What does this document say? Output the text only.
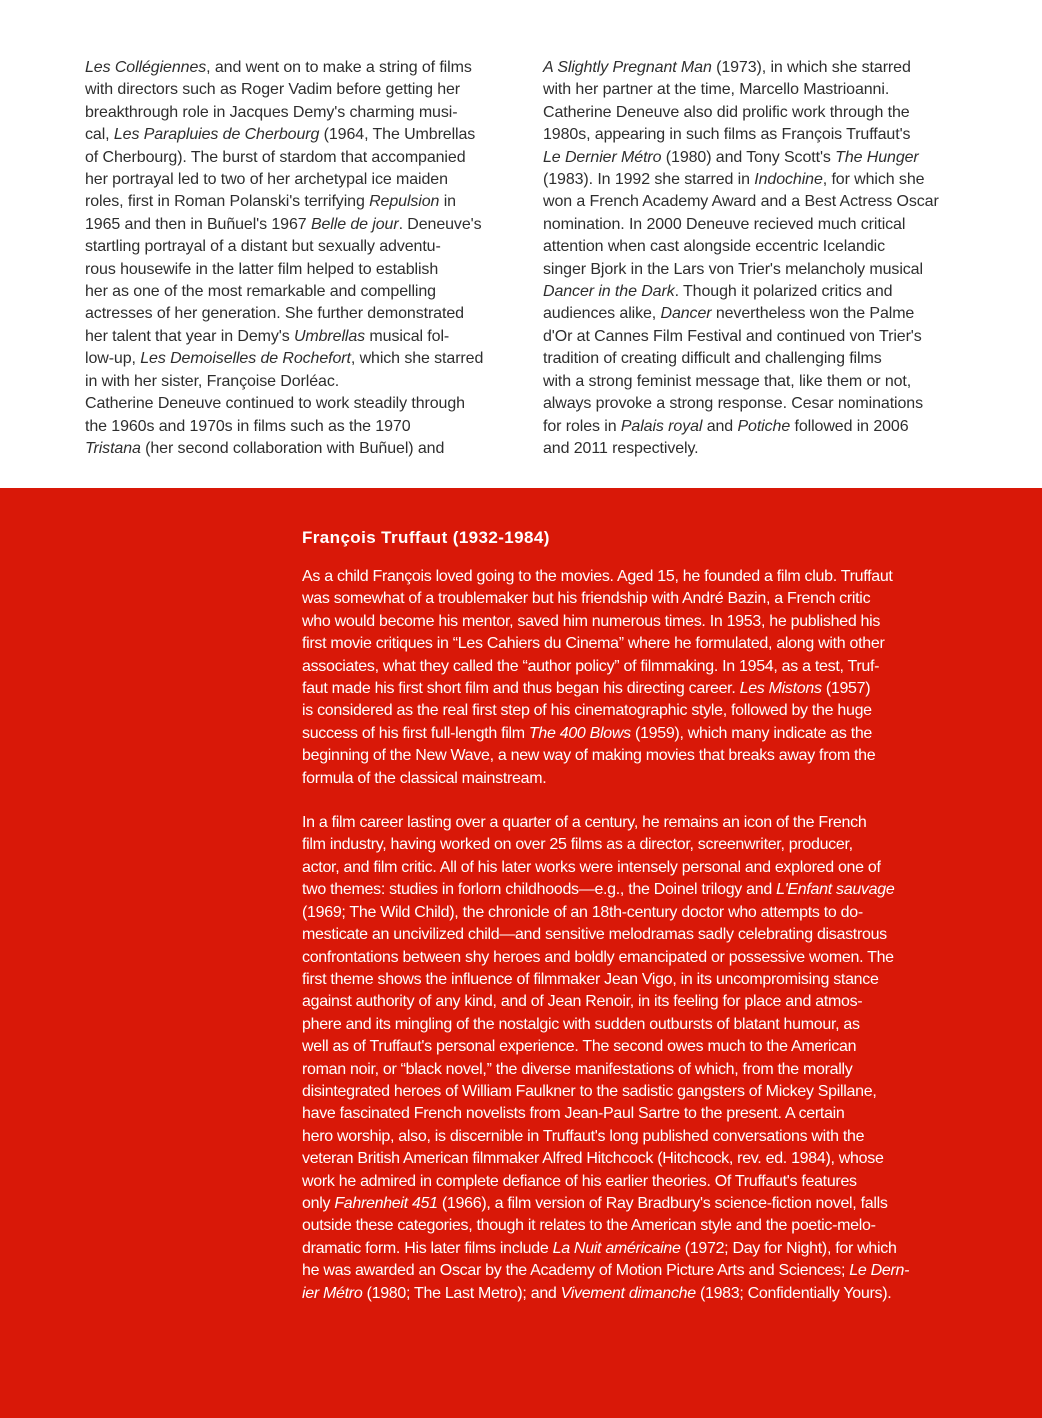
Les Collégiennes, and went on to make a string of films
with directors such as Roger Vadim before getting her
breakthrough role in Jacques Demy's charming musi-
cal, Les Parapluies de Cherbourg (1964, The Umbrellas
of Cherbourg). The burst of stardom that accompanied
her portrayal led to two of her archetypal ice maiden
roles, first in Roman Polanski's terrifying Repulsion in
1965 and then in Buñuel's 1967 Belle de jour. Deneuve's
startling portrayal of a distant but sexually adventu-
rous housewife in the latter film helped to establish
her as one of the most remarkable and compelling
actresses of her generation. She further demonstrated
her talent that year in Demy's Umbrellas musical fol-
low-up, Les Demoiselles de Rochefort, which she starred
in with her sister, Françoise Dorléac.
Catherine Deneuve continued to work steadily through
the 1960s and 1970s in films such as the 1970
Tristana (her second collaboration with Buñuel) and
A Slightly Pregnant Man (1973), in which she starred
with her partner at the time, Marcello Mastrioanni.
Catherine Deneuve also did prolific work through the
1980s, appearing in such films as François Truffaut's
Le Dernier Métro (1980) and Tony Scott's The Hunger
(1983). In 1992 she starred in Indochine, for which she
won a French Academy Award and a Best Actress Oscar
nomination. In 2000 Deneuve recieved much critical
attention when cast alongside eccentric Icelandic
singer Bjork in the Lars von Trier's melancholy musical
Dancer in the Dark. Though it polarized critics and
audiences alike, Dancer nevertheless won the Palme
d'Or at Cannes Film Festival and continued von Trier's
tradition of creating difficult and challenging films
with a strong feminist message that, like them or not,
always provoke a strong response. Cesar nominations
for roles in Palais royal and Potiche followed in 2006
and 2011 respectively.
François Truffaut (1932-1984)
As a child François loved going to the movies. Aged 15, he founded a film club. Truffaut
was somewhat of a troublemaker but his friendship with André Bazin, a French critic
who would become his mentor, saved him numerous times. In 1953, he published his
first movie critiques in “Les Cahiers du Cinema” where he formulated, along with other
associates, what they called the “author policy” of filmmaking. In 1954, as a test, Truf-
faut made his first short film and thus began his directing career. Les Mistons (1957)
is considered as the real first step of his cinematographic style, followed by the huge
success of his first full-length film The 400 Blows (1959), which many indicate as the
beginning of the New Wave, a new way of making movies that breaks away from the
formula of the classical mainstream.
In a film career lasting over a quarter of a century, he remains an icon of the French
film industry, having worked on over 25 films as a director, screenwriter, producer,
actor, and film critic. All of his later works were intensely personal and explored one of
two themes: studies in forlorn childhoods—e.g., the Doinel trilogy and L'Enfant sauvage
(1969; The Wild Child), the chronicle of an 18th-century doctor who attempts to do-
mesticate an uncivilized child—and sensitive melodramas sadly celebrating disastrous
confrontations between shy heroes and boldly emancipated or possessive women. The
first theme shows the influence of filmmaker Jean Vigo, in its uncompromising stance
against authority of any kind, and of Jean Renoir, in its feeling for place and atmos-
phere and its mingling of the nostalgic with sudden outbursts of blatant humour, as
well as of Truffaut's personal experience. The second owes much to the American
roman noir, or “black novel,” the diverse manifestations of which, from the morally
disintegrated heroes of William Faulkner to the sadistic gangsters of Mickey Spillane,
have fascinated French novelists from Jean-Paul Sartre to the present. A certain
hero worship, also, is discernible in Truffaut's long published conversations with the
veteran British American filmmaker Alfred Hitchcock (Hitchcock, rev. ed. 1984), whose
work he admired in complete defiance of his earlier theories. Of Truffaut's features
only Fahrenheit 451 (1966), a film version of Ray Bradbury's science-fiction novel, falls
outside these categories, though it relates to the American style and the poetic-melo-
dramatic form. His later films include La Nuit américaine (1972; Day for Night), for which
he was awarded an Oscar by the Academy of Motion Picture Arts and Sciences; Le Dern-
ier Métro (1980; The Last Metro); and Vivement dimanche (1983; Confidentially Yours).
